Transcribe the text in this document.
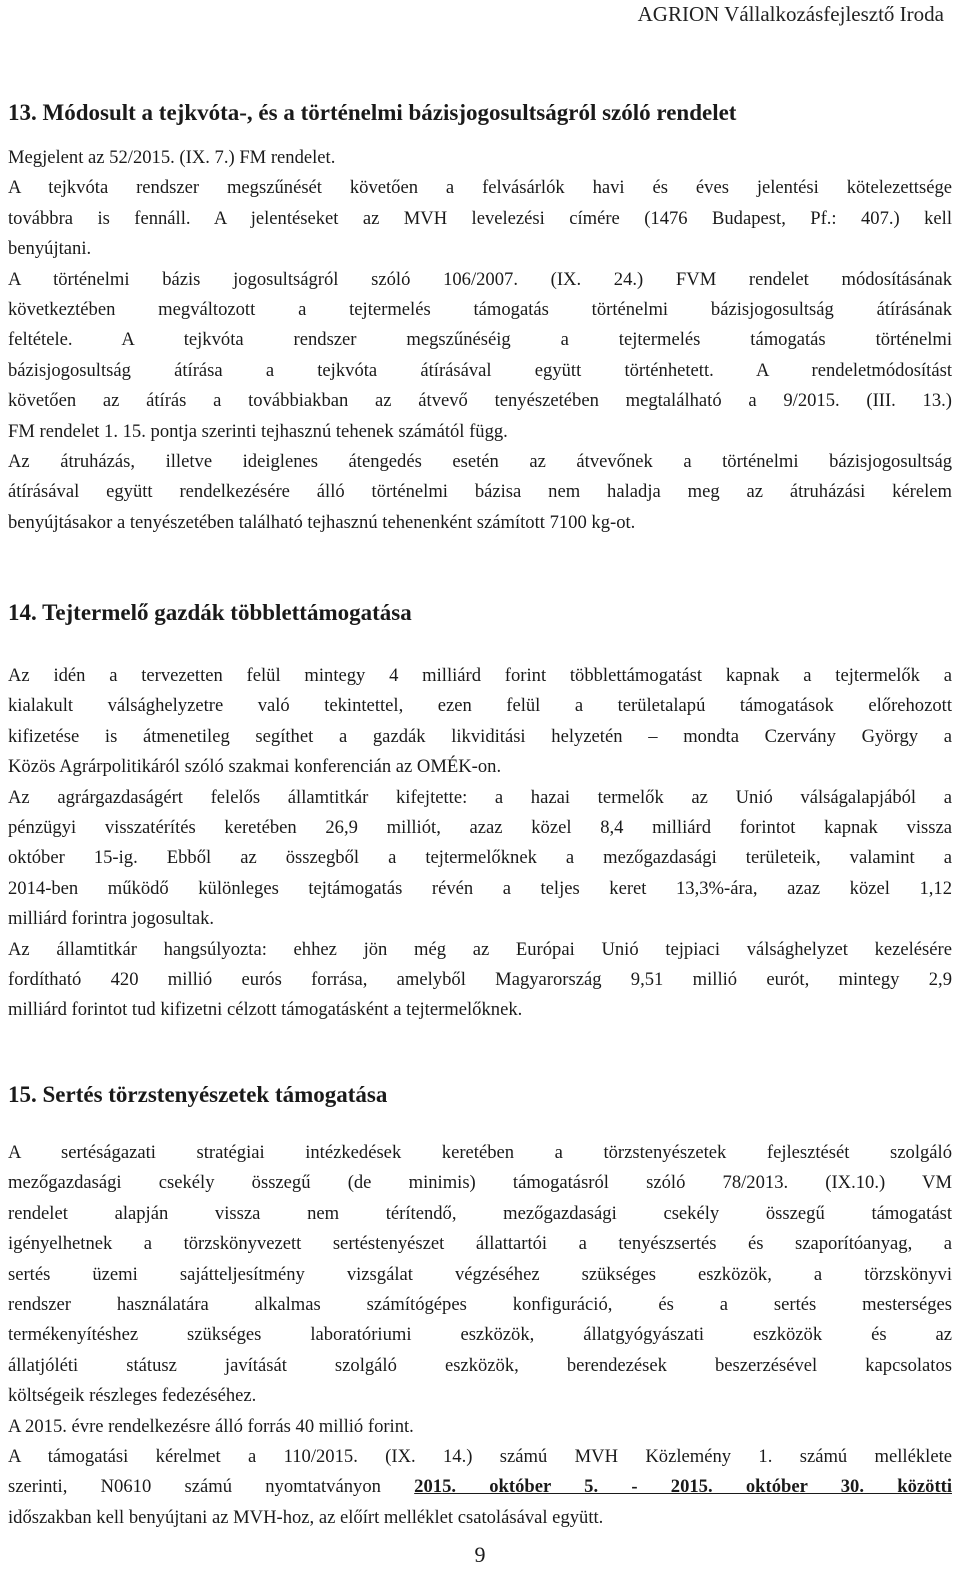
AGRION Vállalkozásfejlesztő Iroda
13. Módosult a tejkvóta-, és a történelmi bázisjogosultságról szóló rendelet
Megjelent az 52/2015. (IX. 7.) FM rendelet.
A tejkvóta rendszer megszűnését követően a felvásárlók havi és éves jelentési kötelezettsége
továbbra is fennáll. A jelentéseket az MVH levelezési címére (1476 Budapest, Pf.: 407.) kell
benyújtani.
A történelmi bázis jogosultságról szóló 106/2007. (IX. 24.) FVM rendelet módosításának
következtében megváltozott a tejtermelés támogatás történelmi bázisjogosultság átírásának
feltétele. A tejkvóta rendszer megszűnéséig a tejtermelés támogatás történelmi
bázisjogosultság átírása a tejkvóta átírásával együtt történhetett. A rendeletmódosítást
követően az átírás a továbbiakban az átvevő tenyészetében megtalálható a 9/2015. (III. 13.)
FM rendelet 1. 15. pontja szerinti tejhasznú tehenek számától függ.
Az átruházás, illetve ideiglenes átengedés esetén az átvevőnek a történelmi bázisjogosultság
átírásával együtt rendelkezésére álló történelmi bázisa nem haladja meg az átruházási kérelem
benyújtásakor a tenyészetében található tejhasznú tehenenként számított 7100 kg-ot.
14. Tejtermelő gazdák többlettámogatása
Az idén a tervezetten felül mintegy 4 milliárd forint többlettámogatást kapnak a tejtermelők a
kialakult válsághelyzetre való tekintettel, ezen felül a területalapú támogatások előrehozott
kifizetése is átmenetileg segíthet a gazdák likviditási helyzetén – mondta Czervány György a
Közös Agrárpolitikáról szóló szakmai konferencián az OMÉK-on.
Az agrárgazdaságért felelős államtitkár kifejtette: a hazai termelők az Unió válságalapjából a
pénzügyi visszatérítés keretében 26,9 milliót, azaz közel 8,4 milliárd forintot kapnak vissza
október 15-ig. Ebből az összegből a tejtermelőknek a mezőgazdasági területeik, valamint a
2014-ben működő különleges tejtámogatás révén a teljes keret 13,3%-ára, azaz közel 1,12
milliárd forintra jogosultak.
Az államtitkár hangsúlyozta: ehhez jön még az Európai Unió tejpiaci válsághelyzet kezelésére
fordítható 420 millió eurós forrása, amelyből Magyarország 9,51 millió eurót, mintegy 2,9
milliárd forintot tud kifizetni célzott támogatásként a tejtermelőknek.
15. Sertés törzstenyészetek támogatása
A sertéságazati stratégiai intézkedések keretében a törzstenyészetek fejlesztését szolgáló
mezőgazdasági csekély összegű (de minimis) támogatásról szóló 78/2013. (IX.10.) VM
rendelet alapján vissza nem térítendő, mezőgazdasági csekély összegű támogatást
igényelhetnek a törzskönyvezett sertéstenyészet állattartói a tenyészsertés és szaporítóanyag, a
sertés üzemi sajátteljesítmény vizsgálat végzéséhez szükséges eszközök, a törzskönyvi
rendszer használatára alkalmas számítógépes konfiguráció, és a sertés mesterséges
termékenyítéshez szükséges laboratóriumi eszközök, állatgyógyászati eszközök és az
állatjóléti státusz javítását szolgáló eszközök, berendezések beszerzésével kapcsolatos
költségeik részleges fedezéséhez.
A 2015. évre rendelkezésre álló forrás 40 millió forint.
A támogatási kérelmet a 110/2015. (IX. 14.) számú MVH Közlemény 1. számú melléklete
szerinti, N0610 számú nyomtatványon 2015. október 5. - 2015. október 30. közötti
időszakban kell benyújtani az MVH-hoz, az előírt melléklet csatolásával együtt.
9
